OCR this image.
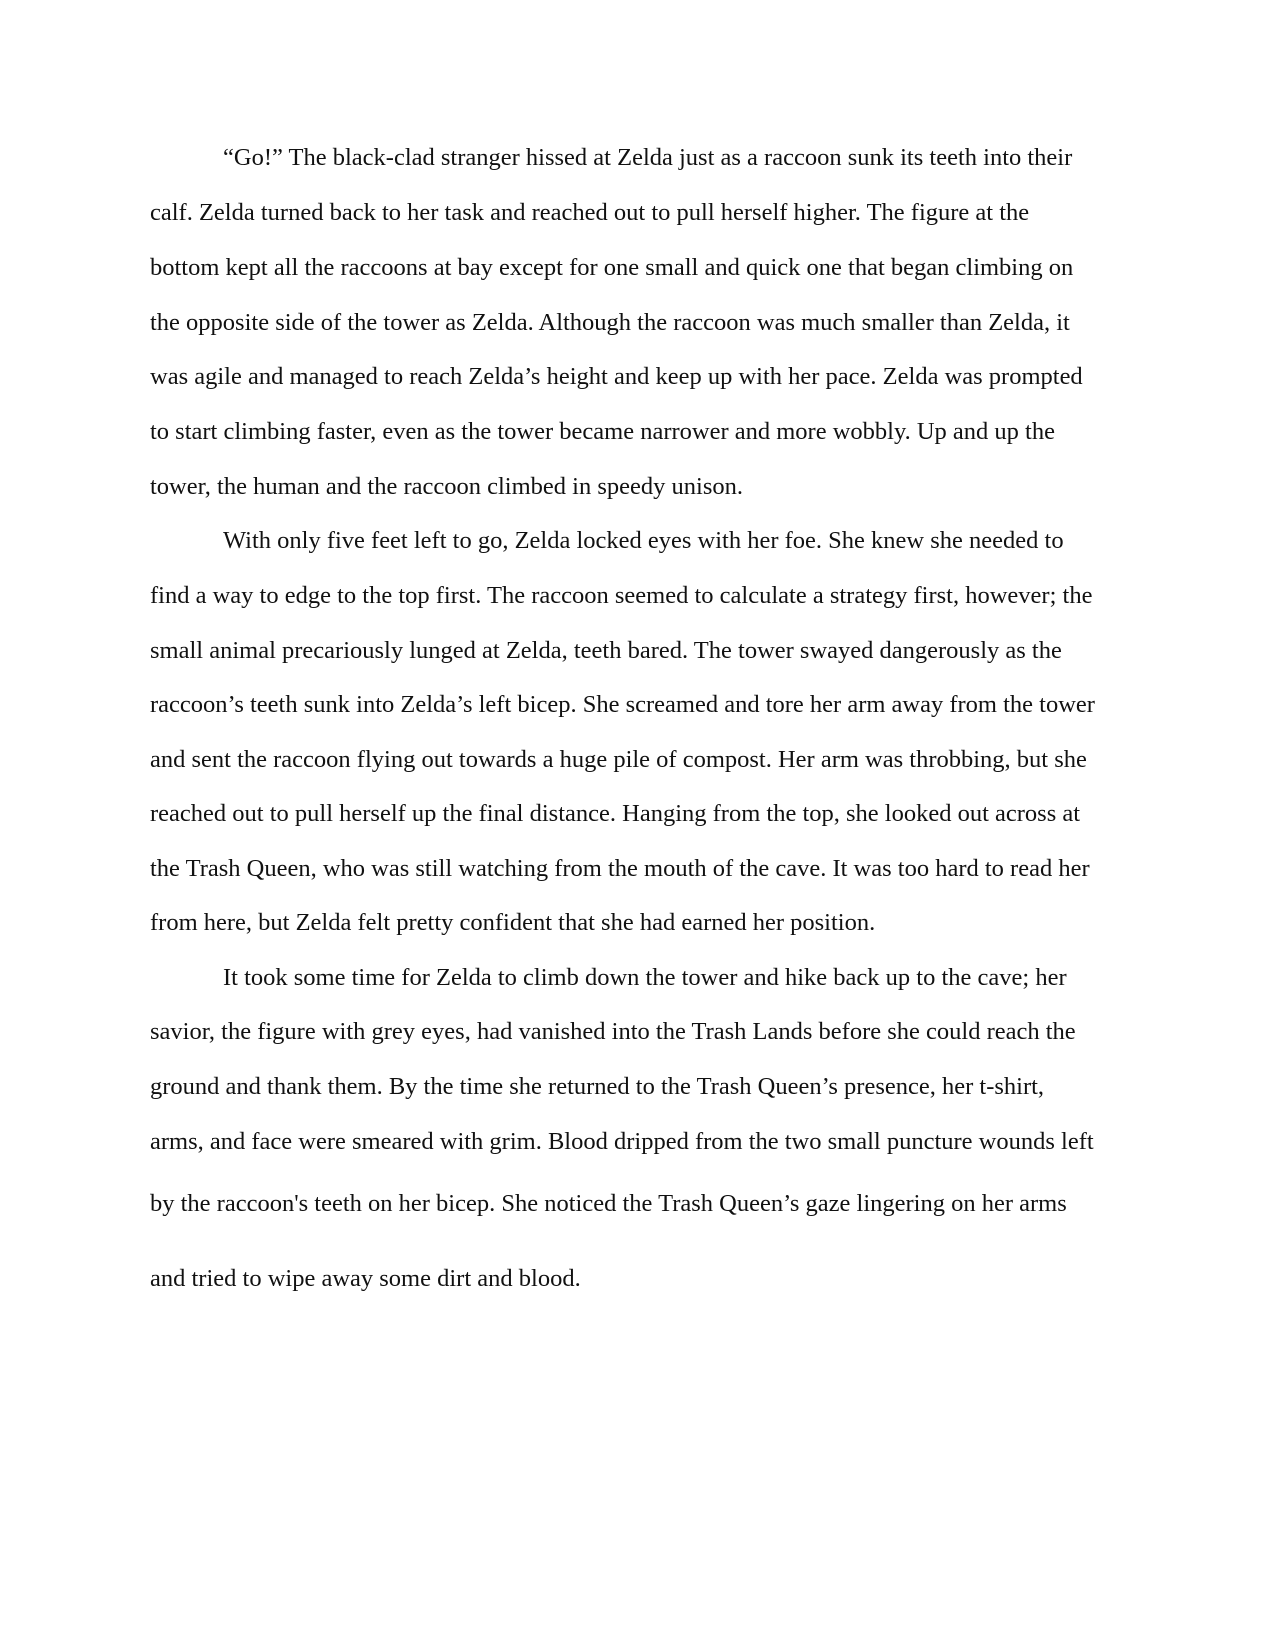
“Go!” The black-clad stranger hissed at Zelda just as a raccoon sunk its teeth into their
calf. Zelda turned back to her task and reached out to pull herself higher. The figure at the
bottom kept all the raccoons at bay except for one small and quick one that began climbing on
the opposite side of the tower as Zelda. Although the raccoon was much smaller than Zelda, it
was agile and managed to reach Zelda’s height and keep up with her pace. Zelda was prompted
to start climbing faster, even as the tower became narrower and more wobbly. Up and up the
tower, the human and the raccoon climbed in speedy unison.
With only five feet left to go, Zelda locked eyes with her foe. She knew she needed to
find a way to edge to the top first. The raccoon seemed to calculate a strategy first, however; the
small animal precariously lunged at Zelda, teeth bared. The tower swayed dangerously as the
raccoon’s teeth sunk into Zelda’s left bicep. She screamed and tore her arm away from the tower
and sent the raccoon flying out towards a huge pile of compost. Her arm was throbbing, but she
reached out to pull herself up the final distance. Hanging from the top, she looked out across at
the Trash Queen, who was still watching from the mouth of the cave. It was too hard to read her
from here, but Zelda felt pretty confident that she had earned her position.
It took some time for Zelda to climb down the tower and hike back up to the cave; her
savior, the figure with grey eyes, had vanished into the Trash Lands before she could reach the
ground and thank them. By the time she returned to the Trash Queen’s presence, her t-shirt,
arms, and face were smeared with grim. Blood dripped from the two small puncture wounds left
by the raccoon's teeth on her bicep. She noticed the Trash Queen’s gaze lingering on her arms
and tried to wipe away some dirt and blood.
